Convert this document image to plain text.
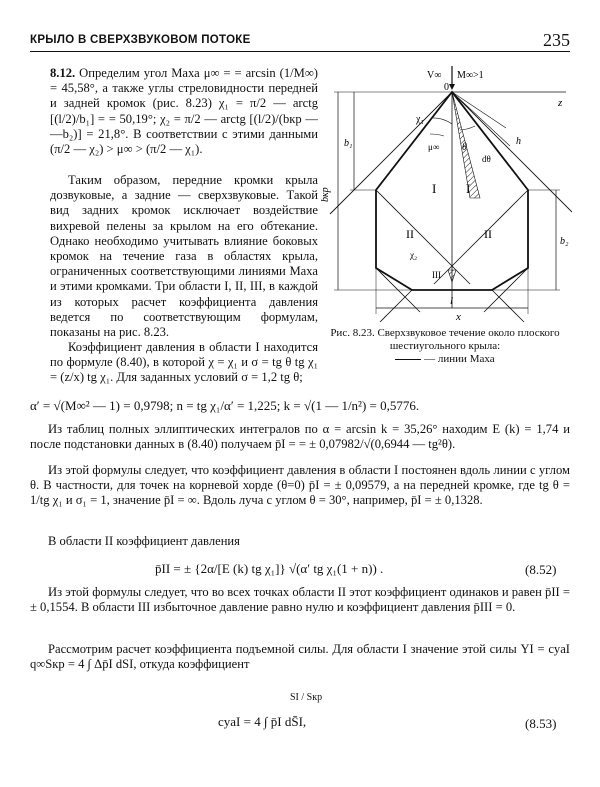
КРЫЛО В СВЕРХЗВУКОВОМ ПОТОКЕ	235
8.12. Определим угол Маха μ∞ = = arcsin (1/M∞) = 45,58°, а также углы стреловидности передней и задней кромок (рис. 8.23) χ₁ = π/2 — arctg [(l/2)/b₁] = = 50,19°; χ₂ = π/2 — arctg [(l/2)/(bкр — —b₂)] = 21,8°. В соответствии с этими данными (π/2 — χ₂) > μ∞ > (π/2 — χ₁).
Таким образом, передние кромки крыла дозвуковые, а задние — сверхзвуковые. Такой вид задних кромок исключает воздействие вихревой пелены за крылом на его обтекание. Однако необходимо учитывать влияние боковых кромок на течение газа в областях крыла, ограниченных соответствующими линиями Маха и этими кромками. Три области I, II, III, в каждой из которых расчет коэффициента давления ведется по соответствующим формулам, показаны на рис. 8.23.
Коэффициент давления в области I находится по формуле (8.40), в которой χ = χ₁ и σ = tg θ tg χ₁ = (z/x) tg χ₁. Для заданных условий σ = 1,2 tg θ;
α′ = √(M∞² — 1) = 0,9798; n = tg χ₁/α′ = 1,225; k = √(1 — 1/n²) = 0,5776.
Из таблиц полных эллиптических интегралов по α = arcsin k = 35,26° находим E (k) = 1,74 и после подстановки данных в (8.40) получаем p̄I = = ± 0,07982/√(0,6944 — tg²θ).
Из этой формулы следует, что коэффициент давления в области I постоянен вдоль линии с углом θ. В частности, для точек на корневой хорде (θ=0) p̄I = ± 0,09579, а на передней кромке, где tg θ = 1/tg χ₁ и σ₁ = 1, значение p̄I = ∞. Вдоль луча с углом θ = 30°, например, p̄I = ± 0,1328.
В области II коэффициент давления
p̄II = ± {2α/[E (k) tg χ₁]} √(α′ tg χ₁(1 + n)) .	(8.52)
Из этой формулы следует, что во всех точках области II этот коэффициент одинаков и равен p̄II = ± 0,1554. В области III избыточное давление равно нулю и коэффициент давления p̄III = 0.
Рассмотрим расчет коэффициента подъемной силы. Для области I значение этой силы YI = cyaI q∞Sкр = 4 ∫ Δp̄I dSI, откуда коэффициент
SI / Sкр
cyaI = 4 ∫ p̄I dS̄I,	(8.53)
V∞ M∞>1
0
z
x
χ₁
μ∞ θ
dθ
h
χ₂
bкр
b₁
b₂
l
I I
II	II
III
Рис. 8.23. Сверхзвуковое течение около плоского шестиугольного крыла:
— линии Маха
